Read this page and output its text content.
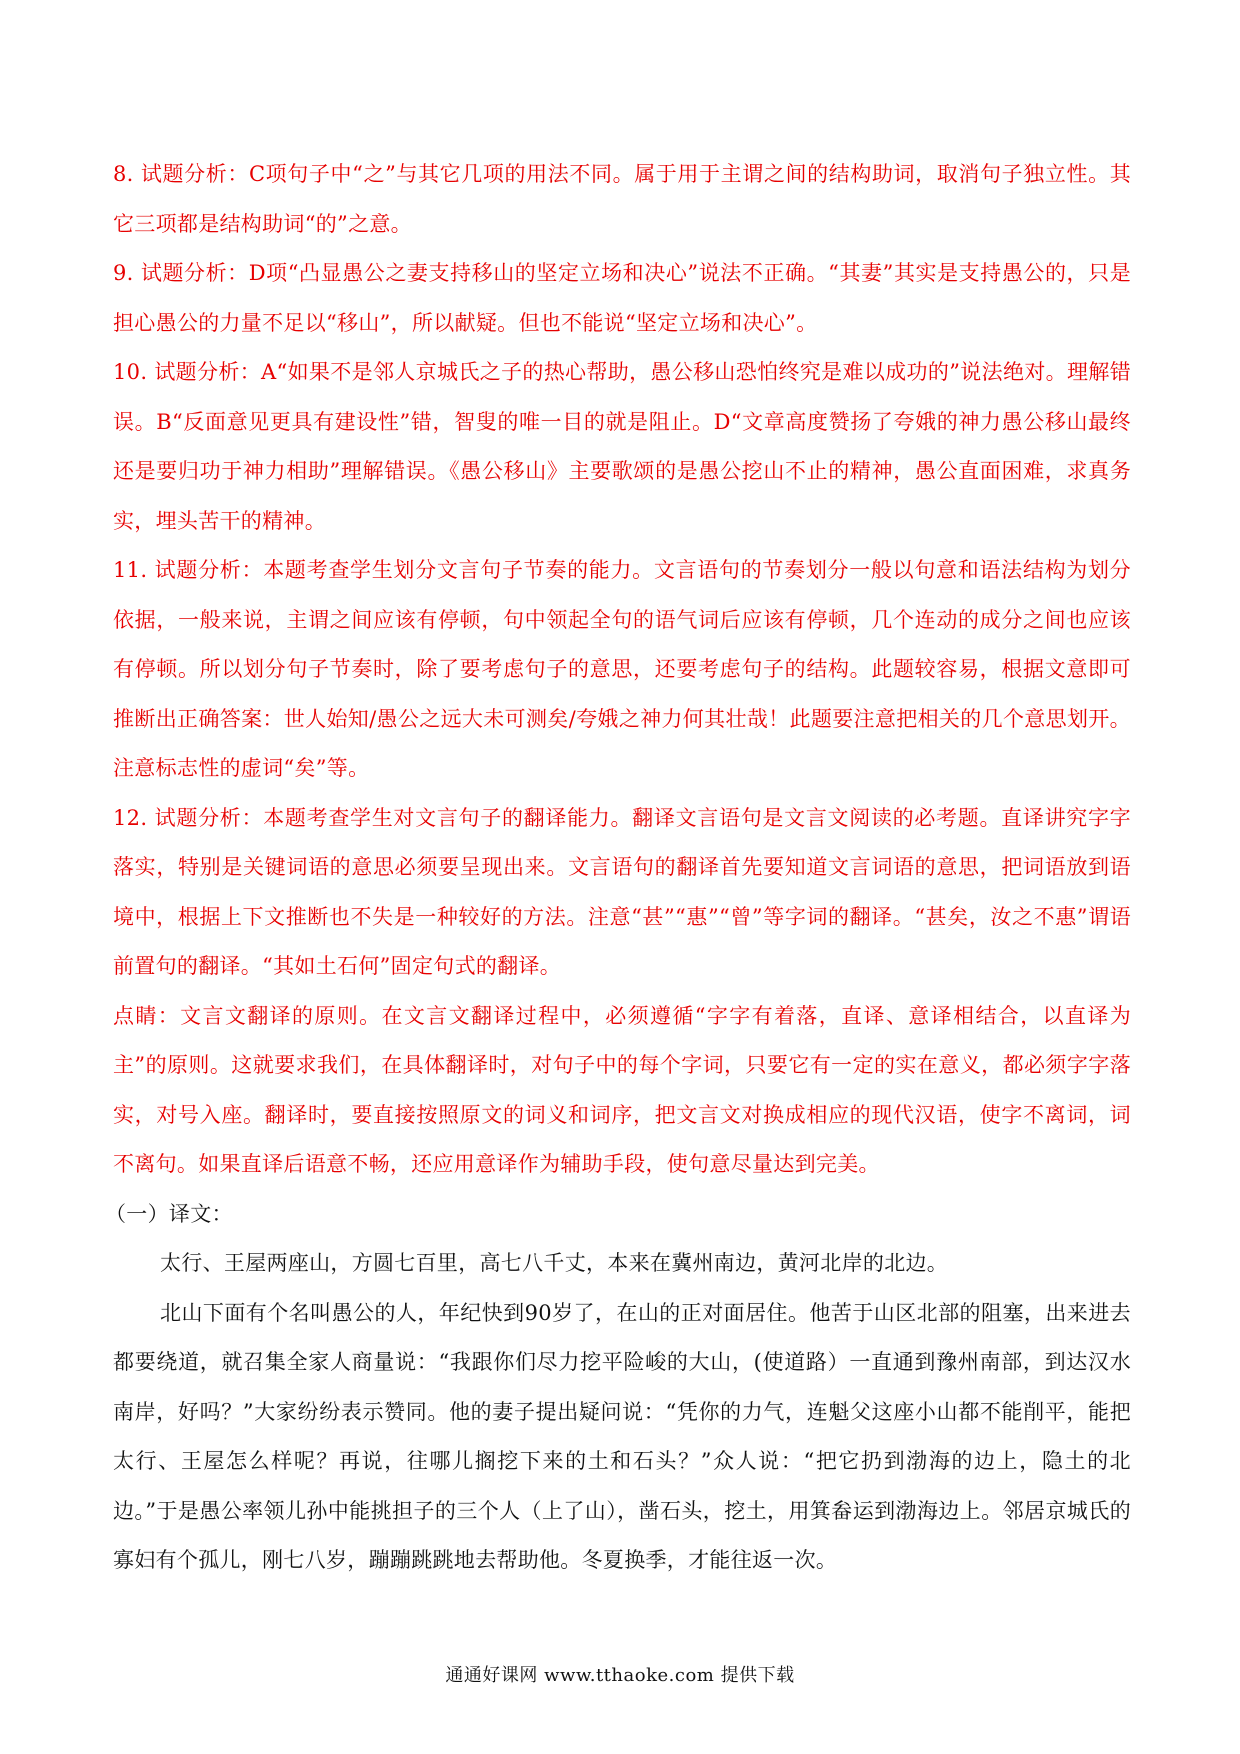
8. 试题分析：C项句子中“之”与其它几项的用法不同。属于用于主谓之间的结构助词，取消句子独立性。其它三项都是结构助词“的”之意。

9. 试题分析：D项“凸显愚公之妻支持移山的坚定立场和决心”说法不正确。“其妻”其实是支持愚公的，只是担心愚公的力量不足以“移山”，所以献疑。但也不能说“坚定立场和决心”。

10. 试题分析：A“如果不是邻人京城氏之子的热心帮助，愚公移山恐怕终究是难以成功的”说法绝对。理解错误。B“反面意见更具有建设性”错，智叟的唯一目的就是阻止。D“文章高度赞扬了夸娥的神力愚公移山最终还是要归功于神力相助”理解错误。《愚公移山》主要歌颂的是愚公挖山不止的精神，愚公直面困难，求真务实，埋头苦干的精神。

11. 试题分析：本题考查学生划分文言句子节奏的能力。文言语句的节奏划分一般以句意和语法结构为划分依据，一般来说，主谓之间应该有停顿，句中领起全句的语气词后应该有停顿，几个连动的成分之间也应该有停顿。所以划分句子节奏时，除了要考虑句子的意思，还要考虑句子的结构。此题较容易，根据文意即可推断出正确答案：世人始知/愚公之远大未可测矣/夸娥之神力何其壮哉！此题要注意把相关的几个意思划开。注意标志性的虚词“矣”等。

12. 试题分析：本题考查学生对文言句子的翻译能力。翻译文言语句是文言文阅读的必考题。直译讲究字字落实，特别是关键词语的意思必须要呈现出来。文言语句的翻译首先要知道文言词语的意思，把词语放到语境中，根据上下文推断也不失是一种较好的方法。注意“甚”“惠”“曾”等字词的翻译。“甚矣，汝之不惠”谓语前置句的翻译。“其如土石何”固定句式的翻译。

点睛：文言文翻译的原则。在文言文翻译过程中，必须遵循“字字有着落，直译、意译相结合，以直译为主”的原则。这就要求我们，在具体翻译时，对句子中的每个字词，只要它有一定的实在意义，都必须字字落实，对号入座。翻译时，要直接按照原文的词义和词序，把文言文对换成相应的现代汉语，使字不离词，词不离句。如果直译后语意不畅，还应用意译作为辅助手段，使句意尽量达到完美。

（一）译文：

太行、王屋两座山，方圆七百里，高七八千丈，本来在冀州南边，黄河北岸的北边。

北山下面有个名叫愚公的人，年纪快到90岁了，在山的正对面居住。他苦于山区北部的阻塞，出来进去都要绕道，就召集全家人商量说：“我跟你们尽力挖平险峻的大山，(使道路）一直通到豫州南部，到达汉水南岸，好吗？”大家纷纷表示赞同。他的妻子提出疑问说：“凭你的力气，连魁父这座小山都不能削平，能把太行、王屋怎么样呢？再说，往哪儿搁挖下来的土和石头？”众人说：“把它扔到渤海的边上，隐土的北边。”于是愚公率领儿孙中能挑担子的三个人（上了山），凿石头，挖土，用箕畚运到渤海边上。邻居京城氏的寡妇有个孤儿，刚七八岁，蹦蹦跳跳地去帮助他。冬夏换季，才能往返一次。

通通好课网 www.tthaoke.com 提供下载
